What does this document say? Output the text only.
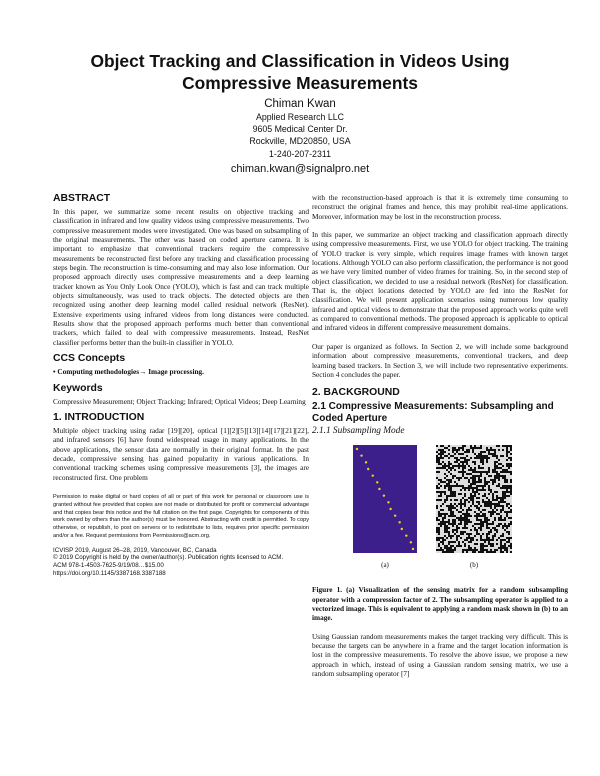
Object Tracking and Classification in Videos Using Compressive Measurements
Chiman Kwan
Applied Research LLC
9605 Medical Center Dr.
Rockville, MD20850, USA
1-240-207-2311
chiman.kwan@signalpro.net
ABSTRACT
In this paper, we summarize some recent results on objective tracking and classification in infrared and low quality videos using compressive measurements. Two compressive measurement modes were investigated. One was based on subsampling of the original measurements. The other was based on coded aperture camera. It is important to emphasize that conventional trackers require the compressive measurements be reconstructed first before any tracking and classification processing steps begin. The reconstruction is time-consuming and may also lose information. Our proposed approach directly uses compressive measurements and a deep learning tracker known as You Only Look Once (YOLO), which is fast and can track multiple objects simultaneously, was used to track objects. The detected objects are then recognized using another deep learning model called residual network (ResNet). Extensive experiments using infrared videos from long distances were conducted. Results show that the proposed approach performs much better than conventional trackers, which failed to deal with compressive measurements. Instead, ResNet classifier performs better than the built-in classifier in YOLO.
CCS Concepts
• Computing methodologies→ Image processing.
Keywords
Compressive Measurement; Object Tracking; Infrared; Optical Videos; Deep Learning
1. INTRODUCTION
Multiple object tracking using radar [19][20], optical [1][2][5][13][14][17][21][22], and infrared sensors [6] have found widespread usage in many applications. In the above applications, the sensor data are normally in their original format. In the past decade, compressive sensing has gained popularity in various applications. In conventional tracking schemes using compressive measurements [3], the images are reconstructed first. One problem
Permission to make digital or hard copies of all or part of this work for personal or classroom use is granted without fee provided that copies are not made or distributed for profit or commercial advantage and that copies bear this notice and the full citation on the first page. Copyrights for components of this work owned by others than the author(s) must be honored. Abstracting with credit is permitted. To copy otherwise, or republish, to post on servers or to redistribute to lists, requires prior specific permission and/or a fee. Request permissions from Permissions@acm.org.
ICVISP 2019, August 26–28, 2019, Vancouver, BC, Canada
© 2019 Copyright is held by the owner/author(s). Publication rights licensed to ACM.
ACM 978-1-4503-7625-9/19/08…$15.00
https://doi.org/10.1145/3387168.3387188
with the reconstruction-based approach is that it is extremely time consuming to reconstruct the original frames and hence, this may prohibit real-time applications. Moreover, information may be lost in the reconstruction process.
In this paper, we summarize an object tracking and classification approach directly using compressive measurements. First, we use YOLO for object tracking. The training of YOLO tracker is very simple, which requires image frames with known target locations. Although YOLO can also perform classification, the performance is not good as we have very limited number of video frames for training. So, in the second step of object classification, we decided to use a residual network (ResNet) for classification. That is, the object locations detected by YOLO are fed into the ResNet for classification. We will present application scenarios using numerous low quality infrared and optical videos to demonstrate that the proposed approach works quite well as compared to conventional methods. The proposed approach is applicable to optical and infrared videos in different compressive measurement domains.
Our paper is organized as follows. In Section 2, we will include some background information about compressive measurements, conventional trackers, and deep learning based trackers. In Section 3, we will include two representative experiments. Section 4 concludes the paper.
2. BACKGROUND
2.1 Compressive Measurements: Subsampling and Coded Aperture
2.1.1 Subsampling Mode
(a)	(b)
Figure 1. (a) Visualization of the sensing matrix for a random subsampling operator with a compression factor of 2. The subsampling operator is applied to a vectorized image. This is equivalent to applying a random mask shown in (b) to an image.
Using Gaussian random measurements makes the target tracking very difficult. This is because the targets can be anywhere in a frame and the target location information is lost in the compressive measurements. To resolve the above issue, we propose a new approach in which, instead of using a Gaussian random sensing matrix, we use a random subsampling operator [7]
